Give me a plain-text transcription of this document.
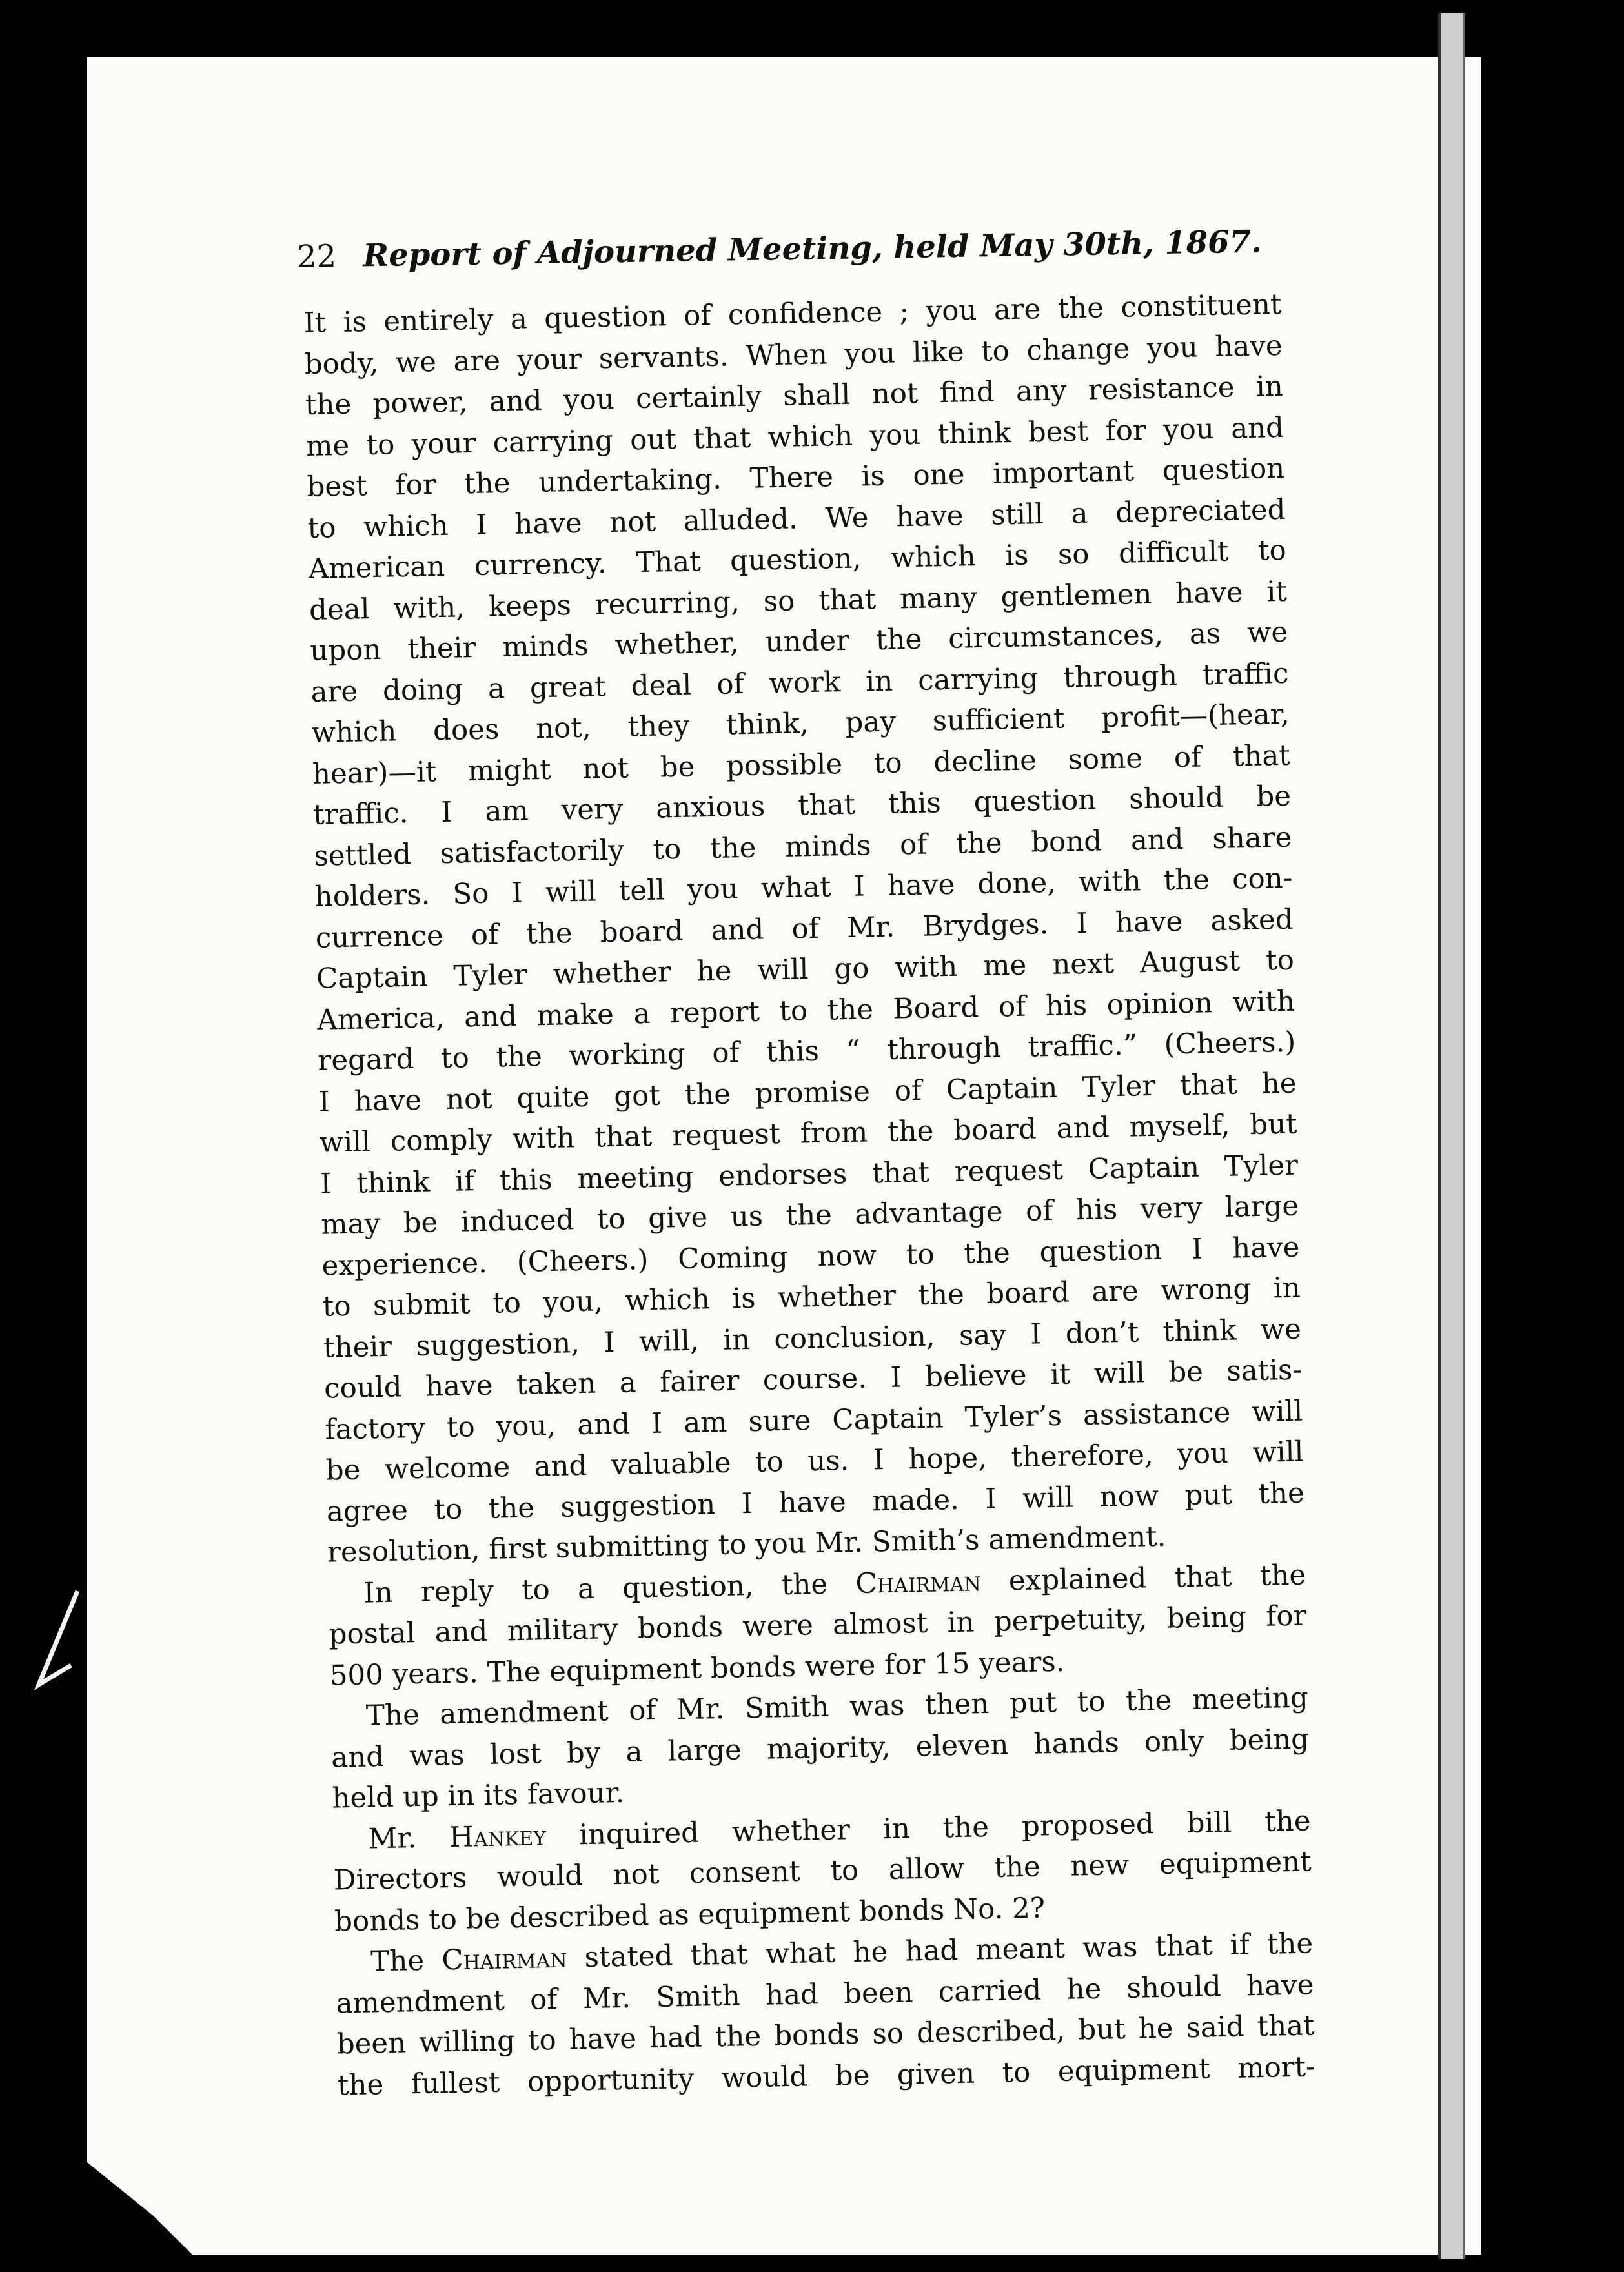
22 Report of Adjourned Meeting, held May 30th, 1867.
It is entirely a question of confidence ; you are the constituent
body, we are your servants. When you like to change you have
the power, and you certainly shall not find any resistance in
me to your carrying out that which you think best for you and
best for the undertaking. There is one important question
to which I have not alluded. We have still a depreciated
American currency. That question, which is so difficult to
deal with, keeps recurring, so that many gentlemen have it
upon their minds whether, under the circumstances, as we
are doing a great deal of work in carrying through traffic
which does not, they think, pay sufficient profit—(hear,
hear)—it might not be possible to decline some of that
traffic. I am very anxious that this question should be
settled satisfactorily to the minds of the bond and share
holders. So I will tell you what I have done, with the con-
currence of the board and of Mr. Brydges. I have asked
Captain Tyler whether he will go with me next August to
America, and make a report to the Board of his opinion with
regard to the working of this “ through traffic.” (Cheers.)
I have not quite got the promise of Captain Tyler that he
will comply with that request from the board and myself, but
I think if this meeting endorses that request Captain Tyler
may be induced to give us the advantage of his very large
experience. (Cheers.) Coming now to the question I have
to submit to you, which is whether the board are wrong in
their suggestion, I will, in conclusion, say I don’t think we
could have taken a fairer course. I believe it will be satis-
factory to you, and I am sure Captain Tyler’s assistance will
be welcome and valuable to us. I hope, therefore, you will
agree to the suggestion I have made. I will now put the
resolution, first submitting to you Mr. Smith’s amendment.
In reply to a question, the Chairman explained that the
postal and military bonds were almost in perpetuity, being for
500 years. The equipment bonds were for 15 years.
The amendment of Mr. Smith was then put to the meeting
and was lost by a large majority, eleven hands only being
held up in its favour.
Mr. Hankey inquired whether in the proposed bill the
Directors would not consent to allow the new equipment
bonds to be described as equipment bonds No. 2?
The Chairman stated that what he had meant was that if the
amendment of Mr. Smith had been carried he should have
been willing to have had the bonds so described, but he said that
the fullest opportunity would be given to equipment mort-
